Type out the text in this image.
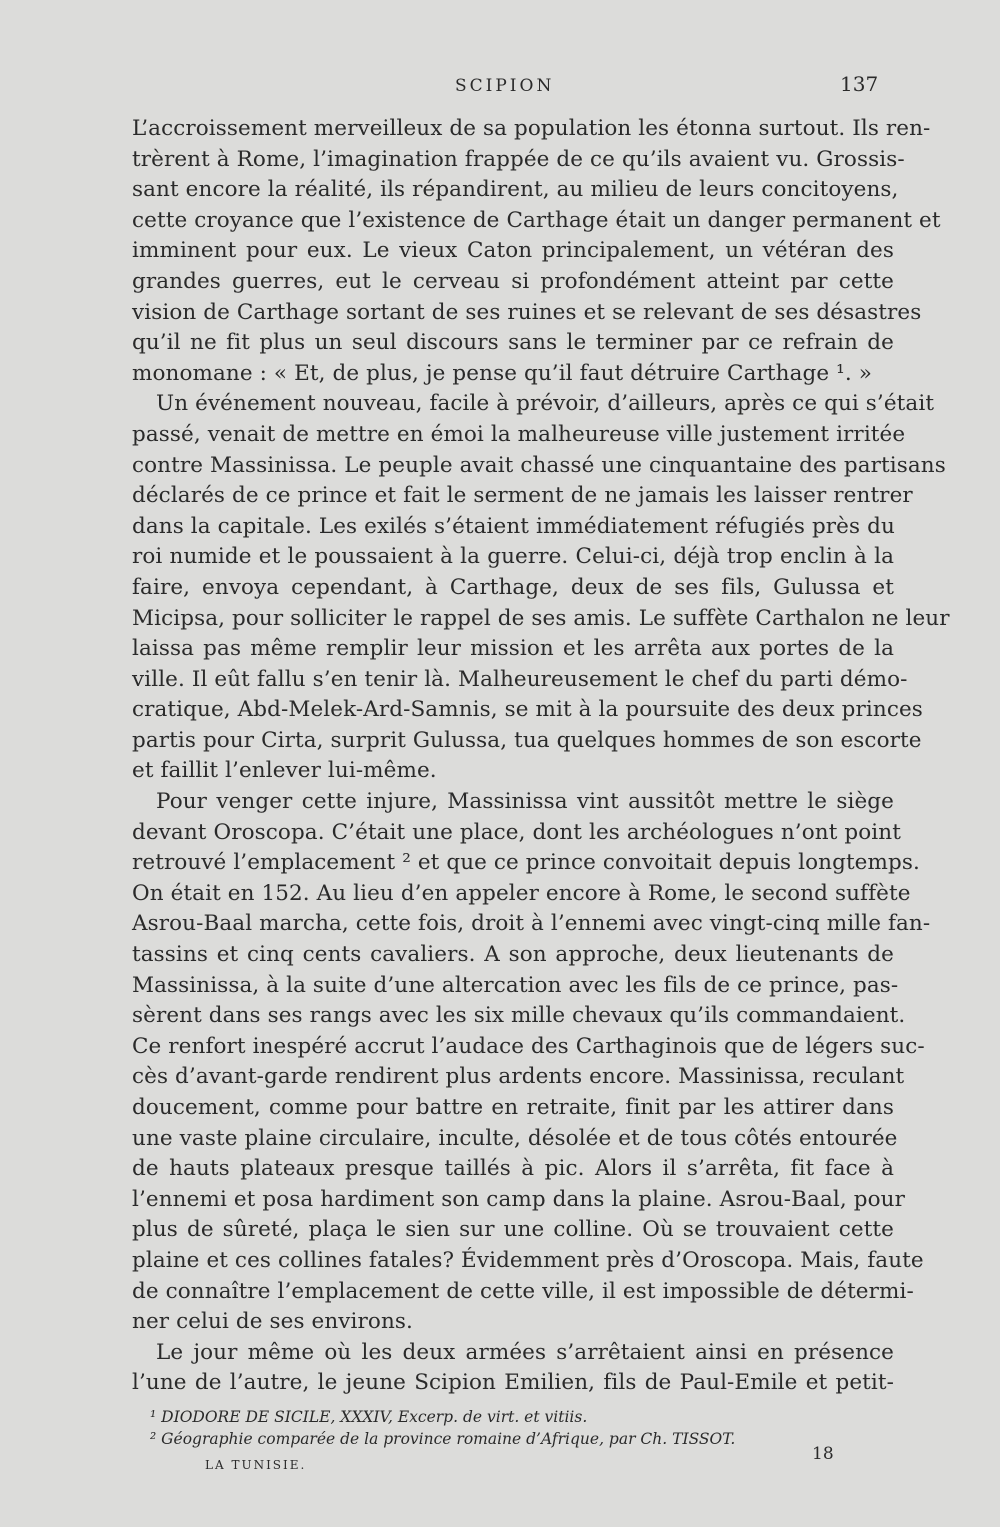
SCIPION	137
L’accroissement merveilleux de sa population les étonna surtout. Ils ren-
trèrent à Rome, l’imagination frappée de ce qu’ils avaient vu. Grossis-
sant encore la réalité, ils répandirent, au milieu de leurs concitoyens,
cette croyance que l’existence de Carthage était un danger permanent et
imminent pour eux. Le vieux Caton principalement, un vétéran des
grandes guerres, eut le cerveau si profondément atteint par cette
vision de Carthage sortant de ses ruines et se relevant de ses désastres
qu’il ne fit plus un seul discours sans le terminer par ce refrain de
monomane : « Et, de plus, je pense qu’il faut détruire Carthage ¹. »
Un événement nouveau, facile à prévoir, d’ailleurs, après ce qui s’était
passé, venait de mettre en émoi la malheureuse ville justement irritée
contre Massinissa. Le peuple avait chassé une cinquantaine des partisans
déclarés de ce prince et fait le serment de ne jamais les laisser rentrer
dans la capitale. Les exilés s’étaient immédiatement réfugiés près du
roi numide et le poussaient à la guerre. Celui-ci, déjà trop enclin à la
faire, envoya cependant, à Carthage, deux de ses fils, Gulussa et
Micipsa, pour solliciter le rappel de ses amis. Le suffète Carthalon ne leur
laissa pas même remplir leur mission et les arrêta aux portes de la
ville. Il eût fallu s’en tenir là. Malheureusement le chef du parti démo-
cratique, Abd-Melek-Ard-Samnis, se mit à la poursuite des deux princes
partis pour Cirta, surprit Gulussa, tua quelques hommes de son escorte
et faillit l’enlever lui-même.
Pour venger cette injure, Massinissa vint aussitôt mettre le siège
devant Oroscopa. C’était une place, dont les archéologues n’ont point
retrouvé l’emplacement ² et que ce prince convoitait depuis longtemps.
On était en 152. Au lieu d’en appeler encore à Rome, le second suffète
Asrou-Baal marcha, cette fois, droit à l’ennemi avec vingt-cinq mille fan-
tassins et cinq cents cavaliers. A son approche, deux lieutenants de
Massinissa, à la suite d’une altercation avec les fils de ce prince, pas-
sèrent dans ses rangs avec les six mille chevaux qu’ils commandaient.
Ce renfort inespéré accrut l’audace des Carthaginois que de légers suc-
cès d’avant-garde rendirent plus ardents encore. Massinissa, reculant
doucement, comme pour battre en retraite, finit par les attirer dans
une vaste plaine circulaire, inculte, désolée et de tous côtés entourée
de hauts plateaux presque taillés à pic. Alors il s’arrêta, fit face à
l’ennemi et posa hardiment son camp dans la plaine. Asrou-Baal, pour
plus de sûreté, plaça le sien sur une colline. Où se trouvaient cette
plaine et ces collines fatales? Évidemment près d’Oroscopa. Mais, faute
de connaître l’emplacement de cette ville, il est impossible de détermi-
ner celui de ses environs.
Le jour même où les deux armées s’arrêtaient ainsi en présence
l’une de l’autre, le jeune Scipion Emilien, fils de Paul-Emile et petit-
¹ DIODORE DE SICILE, XXXIV, Excerp. de virt. et vitiis.
² Géographie comparée de la province romaine d’Afrique, par Ch. TISSOT.
LA TUNISIE.
18
